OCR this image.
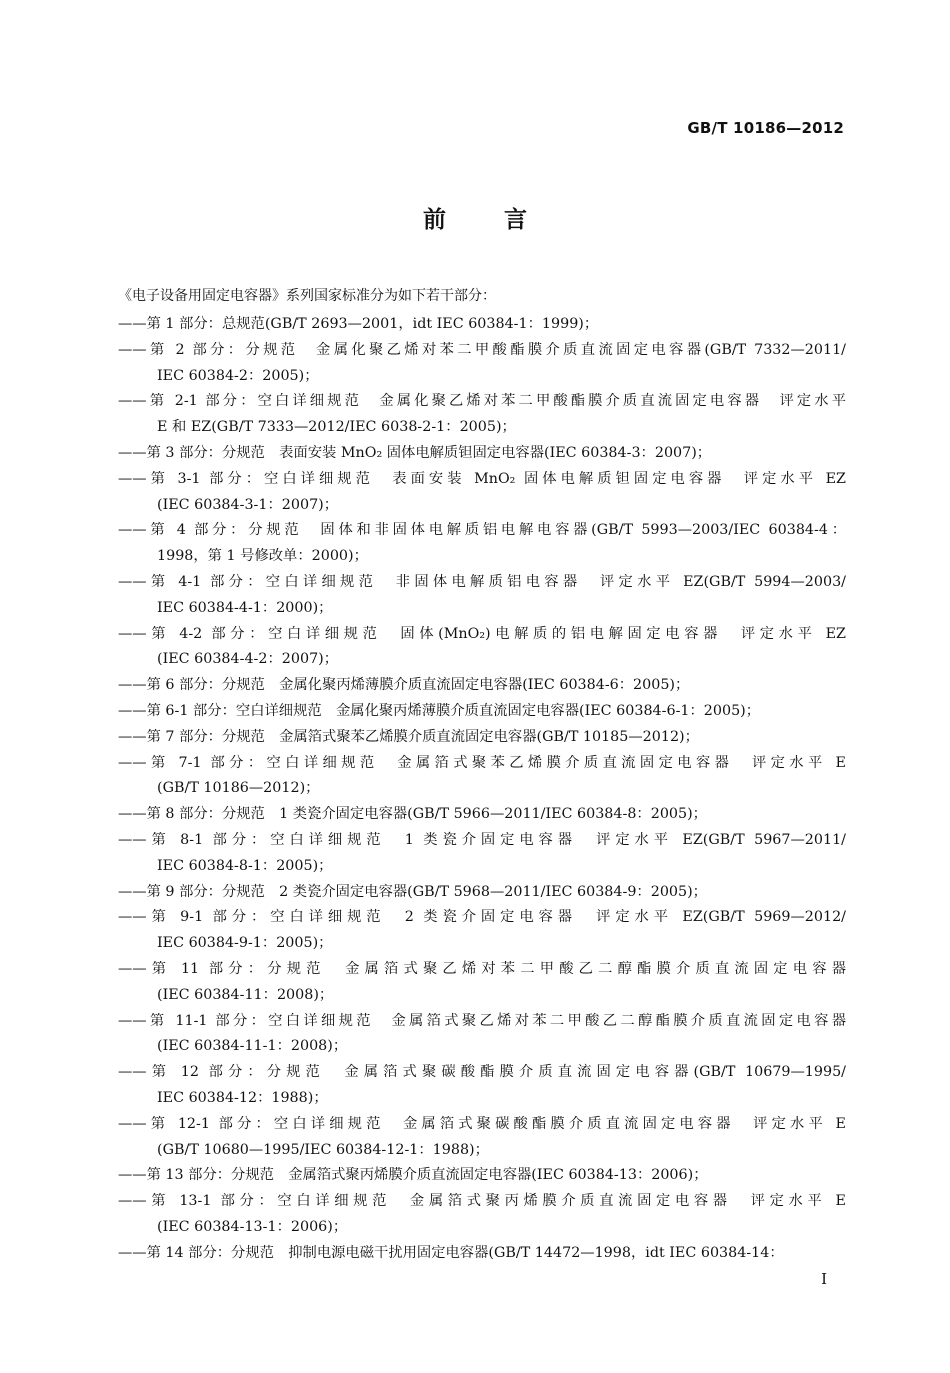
GB/T 10186—2012
前言
《电子设备用固定电容器》系列国家标准分为如下若干部分：
——第 1 部分：总规范(GB/T 2693—2001，idt IEC 60384-1：1999)；
——第 2 部分：分规范　金属化聚乙烯对苯二甲酸酯膜介质直流固定电容器(GB/T 7332—2011/
IEC 60384-2：2005)；
——第 2-1 部分：空白详细规范　金属化聚乙烯对苯二甲酸酯膜介质直流固定电容器　评定水平
E 和 EZ(GB/T 7333—2012/IEC 6038-2-1：2005)；
——第 3 部分：分规范　表面安装 MnO₂ 固体电解质钽固定电容器(IEC 60384-3：2007)；
——第 3-1 部分：空白详细规范　表面安装 MnO₂ 固体电解质钽固定电容器　评定水平 EZ
(IEC 60384-3-1：2007)；
——第 4 部分：分规范　固体和非固体电解质铝电解电容器(GB/T 5993—2003/IEC 60384-4：
1998，第 1 号修改单：2000)；
——第 4-1 部分：空白详细规范　非固体电解质铝电容器　评定水平 EZ(GB/T 5994—2003/
IEC 60384-4-1：2000)；
——第 4-2 部分：空白详细规范　固体(MnO₂)电解质的铝电解固定电容器　评定水平 EZ
(IEC 60384-4-2：2007)；
——第 6 部分：分规范　金属化聚丙烯薄膜介质直流固定电容器(IEC 60384-6：2005)；
——第 6-1 部分：空白详细规范　金属化聚丙烯薄膜介质直流固定电容器(IEC 60384-6-1：2005)；
——第 7 部分：分规范　金属箔式聚苯乙烯膜介质直流固定电容器(GB/T 10185—2012)；
——第 7-1 部分：空白详细规范　金属箔式聚苯乙烯膜介质直流固定电容器　评定水平 E
(GB/T 10186—2012)；
——第 8 部分：分规范　1 类瓷介固定电容器(GB/T 5966—2011/IEC 60384-8：2005)；
——第 8-1 部分：空白详细规范　1 类瓷介固定电容器　评定水平 EZ(GB/T 5967—2011/
IEC 60384-8-1：2005)；
——第 9 部分：分规范　2 类瓷介固定电容器(GB/T 5968—2011/IEC 60384-9：2005)；
——第 9-1 部分：空白详细规范　2 类瓷介固定电容器　评定水平 EZ(GB/T 5969—2012/
IEC 60384-9-1：2005)；
——第 11 部分：分规范　金属箔式聚乙烯对苯二甲酸乙二醇酯膜介质直流固定电容器
(IEC 60384-11：2008)；
——第 11-1 部分：空白详细规范　金属箔式聚乙烯对苯二甲酸乙二醇酯膜介质直流固定电容器
(IEC 60384-11-1：2008)；
——第 12 部分：分规范　金属箔式聚碳酸酯膜介质直流固定电容器(GB/T 10679—1995/
IEC 60384-12：1988)；
——第 12-1 部分：空白详细规范　金属箔式聚碳酸酯膜介质直流固定电容器　评定水平 E
(GB/T 10680—1995/IEC 60384-12-1：1988)；
——第 13 部分：分规范　金属箔式聚丙烯膜介质直流固定电容器(IEC 60384-13：2006)；
——第 13-1 部分：空白详细规范　金属箔式聚丙烯膜介质直流固定电容器　评定水平 E
(IEC 60384-13-1：2006)；
——第 14 部分：分规范　抑制电源电磁干扰用固定电容器(GB/T 14472—1998，idt IEC 60384-14：
I
